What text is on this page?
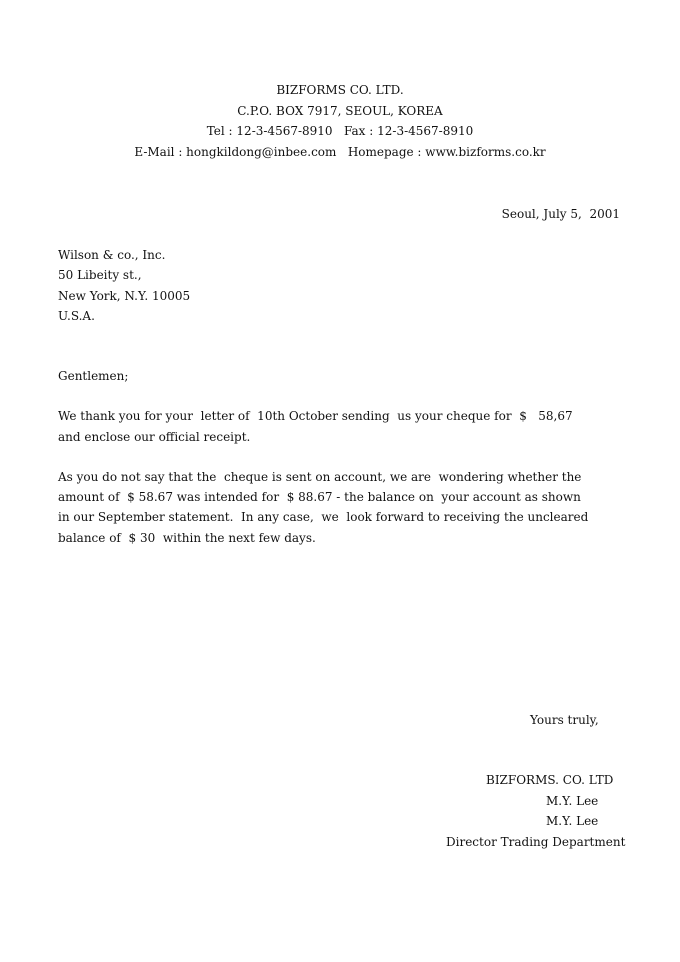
BIZFORMS CO. LTD.
C.P.O. BOX 7917, SEOUL, KOREA
Tel : 12-3-4567-8910   Fax : 12-3-4567-8910
E-Mail : hongkildong@inbee.com   Homepage : www.bizforms.co.kr
Seoul, July 5,  2001
Wilson & co., Inc.
50 Libeity st.,
New York, N.Y. 10005
U.S.A.
Gentlemen;
We thank you for your  letter of  10th October sending  us your cheque for  $   58,67
and enclose our official receipt.
As you do not say that the  cheque is sent on account, we are  wondering whether the
amount of  $ 58.67 was intended for  $ 88.67 - the balance on  your account as shown
in our September statement.  In any case,  we  look forward to receiving the uncleared
balance of  $ 30  within the next few days.
Yours truly,
BIZFORMS. CO. LTD
M.Y. Lee
M.Y. Lee
Director Trading Department
